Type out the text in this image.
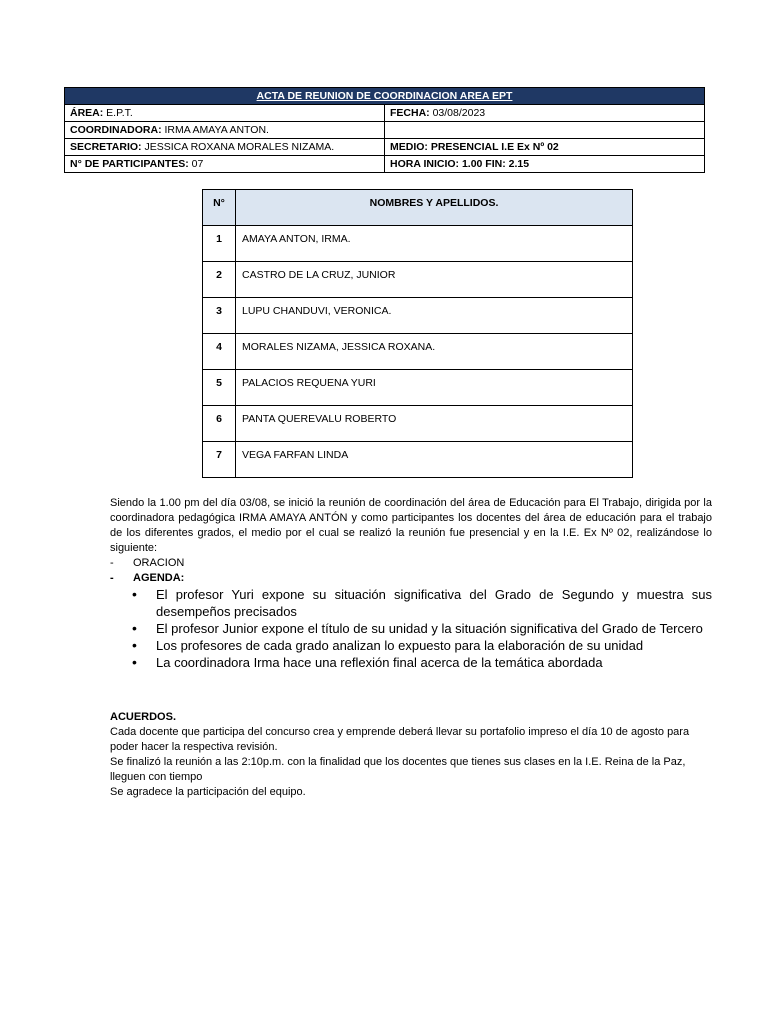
ACTA DE REUNION DE COORDINACION AREA EPT	
ÁREA: E.P.T.	FECHA: 03/08/2023
COORDINADORA: IRMA AMAYA ANTON.	
SECRETARIO: JESSICA ROXANA MORALES NIZAMA.	MEDIO: PRESENCIAL I.E Ex Nº 02
N° DE PARTICIPANTES: 07	HORA INICIO: 1.00 FIN: 2.15
N°	NOMBRES Y APELLIDOS.
1	AMAYA ANTON, IRMA.
2	CASTRO DE LA CRUZ, JUNIOR
3	LUPU CHANDUVI, VERONICA.
4	MORALES NIZAMA, JESSICA ROXANA.
5	PALACIOS REQUENA YURI
6	PANTA QUEREVALU ROBERTO
7	VEGA FARFAN LINDA

Siendo la 1.00 pm del día 03/08, se inició la reunión de coordinación del área de Educación para El Trabajo, dirigida por la coordinadora pedagógica IRMA AMAYA ANTÓN y como participantes los docentes del área de educación para el trabajo de los diferentes grados, el medio por el cual se realizó la reunión fue presencial y en la I.E. Ex Nº 02, realizándose lo siguiente:

- ORACION
- AGENDA:
• El profesor Yuri expone su situación significativa del Grado de Segundo y muestra sus desempeños precisados
• El profesor Junior expone el título de su unidad y la situación significativa del Grado de Tercero
• Los profesores de cada grado analizan lo expuesto para la elaboración de su unidad
• La coordinadora Irma hace una reflexión final acerca de la temática abordada

ACUERDOS.

Cada docente que participa del concurso crea y emprende deberá llevar su portafolio impreso el día 10 de agosto para poder hacer la respectiva revisión.

Se finalizó la reunión a las 2:10p.m. con la finalidad que los docentes que tienes sus clases en la I.E. Reina de la Paz, lleguen con tiempo

Se agradece la participación del equipo.
